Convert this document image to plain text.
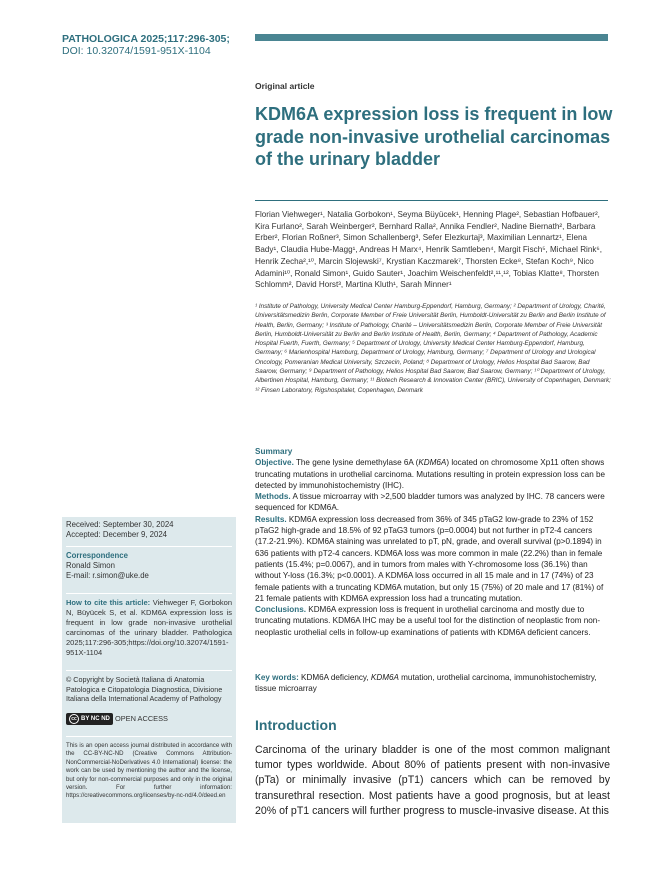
PATHOLOGICA 2025;117:296-305;
DOI: 10.32074/1591-951X-1104
Original article
KDM6A expression loss is frequent in low grade non-invasive urothelial carcinomas of the urinary bladder
Florian Viehweger¹, Natalia Gorbokon¹, Seyma Büyücek¹, Henning Plage², Sebastian Hofbauer², Kira Furlano², Sarah Weinberger², Bernhard Ralla², Annika Fendler², Nadine Biernath², Barbara Erber², Florian Roßner³, Simon Schallenberg³, Sefer Elezkurtaj³, Maximilian Lennartz¹, Elena Bady¹, Claudia Hube-Magg¹, Andreas H Marx⁴, Henrik Samtleben⁴, Margit Fisch⁵, Michael Rink⁶, Henrik Zecha²,¹⁰, Marcin Slojewski⁷, Krystian Kaczmarek⁷, Thorsten Ecke⁸, Stefan Koch⁹, Nico Adamini¹⁰, Ronald Simon¹, Guido Sauter¹, Joachim Weischenfeldt²,¹¹,¹², Tobias Klatte⁸, Thorsten Schlomm², David Horst³, Martina Kluth¹, Sarah Minner¹
¹ Institute of Pathology, University Medical Center Hamburg-Eppendorf, Hamburg, Germany; ² Department of Urology, Charité, Universitätsmedizin Berlin, Corporate Member of Freie Universität Berlin, Humboldt-Universität zu Berlin and Berlin Institute of Health, Berlin, Germany; ³ Institute of Pathology, Charité – Universitätsmedizin Berlin, Corporate Member of Freie Universität Berlin, Humboldt-Universität zu Berlin and Berlin Institute of Health, Berlin, Germany; ⁴ Department of Pathology, Academic Hospital Fuerth, Fuerth, Germany; ⁵ Department of Urology, University Medical Center Hamburg-Eppendorf, Hamburg, Germany; ⁶ Marienhospital Hamburg, Department of Urology, Hamburg, Germany; ⁷ Department of Urology and Urological Oncology, Pomeranian Medical University, Szczecin, Poland; ⁸ Department of Urology, Helios Hospital Bad Saarow, Bad Saarow, Germany; ⁹ Department of Pathology, Helios Hospital Bad Saarow, Bad Saarow, Germany; ¹⁰ Department of Urology, Albertinen Hospital, Hamburg, Germany; ¹¹ Biotech Research & Innovation Center (BRIC), University of Copenhagen, Denmark; ¹² Finsen Laboratory, Rigshospitalet, Copenhagen, Denmark
Summary

Objective. The gene lysine demethylase 6A (KDM6A) located on chromosome Xp11 often shows truncating mutations in urothelial carcinoma. Mutations resulting in protein expression loss can be detected by immunohistochemistry (IHC).

Methods. A tissue microarray with >2,500 bladder tumors was analyzed by IHC. 78 cancers were sequenced for KDM6A.

Results. KDM6A expression loss decreased from 36% of 345 pTaG2 low-grade to 23% of 152 pTaG2 high-grade and 18.5% of 92 pTaG3 tumors (p=0.0004) but not further in pT2-4 cancers (17.2-21.9%). KDM6A staining was unrelated to pT, pN, grade, and overall survival (p>0.1894) in 636 patients with pT2-4 cancers. KDM6A loss was more common in male (22.2%) than in female patients (15.4%; p=0.0067), and in tumors from males with Y-chromosome loss (36.1%) than without Y-loss (16.3%; p<0.0001). A KDM6A loss occurred in all 15 male and in 17 (74%) of 23 female patients with a truncating KDM6A mutation, but only 15 (75%) of 20 male and 17 (81%) of 21 female patients with KDM6A expression loss had a truncating mutation.

Conclusions. KDM6A expression loss is frequent in urothelial carcinoma and mostly due to truncating mutations. KDM6A IHC may be a useful tool for the distinction of neoplastic from non-neoplastic urothelial cells in follow-up examinations of patients with KDM6A deficient cancers.

Key words: KDM6A deficiency, KDM6A mutation, urothelial carcinoma, immunohistochemistry, tissue microarray
Introduction
Carcinoma of the urinary bladder is one of the most common malignant tumor types worldwide. About 80% of patients present with non-invasive (pTa) or minimally invasive (pT1) cancers which can be removed by transurethral resection. Most patients have a good prognosis, but at least 20% of pT1 cancers will further progress to muscle-invasive disease. At this
Received: September 30, 2024
Accepted: December 9, 2024
Correspondence
Ronald Simon
E-mail: r.simon@uke.de
How to cite this article: Viehweger F, Gorbokon N, Büyücek S, et al. KDM6A expression loss is frequent in low grade non-invasive urothelial carcinomas of the urinary bladder. Pathologica 2025;117:296-305;https://doi.org/10.32074/1591-951X-1104
© Copyright by Società Italiana di Anatomia Patologica e Citopatologia Diagnostica, Divisione Italiana della International Academy of Pathology
cc BY NC ND OPEN ACCESS
This is an open access journal distributed in accordance with the CC-BY-NC-ND (Creative Commons Attribution-NonCommercial-NoDerivatives 4.0 International) license: the work can be used by mentioning the author and the license, but only for non-commercial purposes and only in the original version. For further information: https://creativecommons.org/licenses/by-nc-nd/4.0/deed.en
